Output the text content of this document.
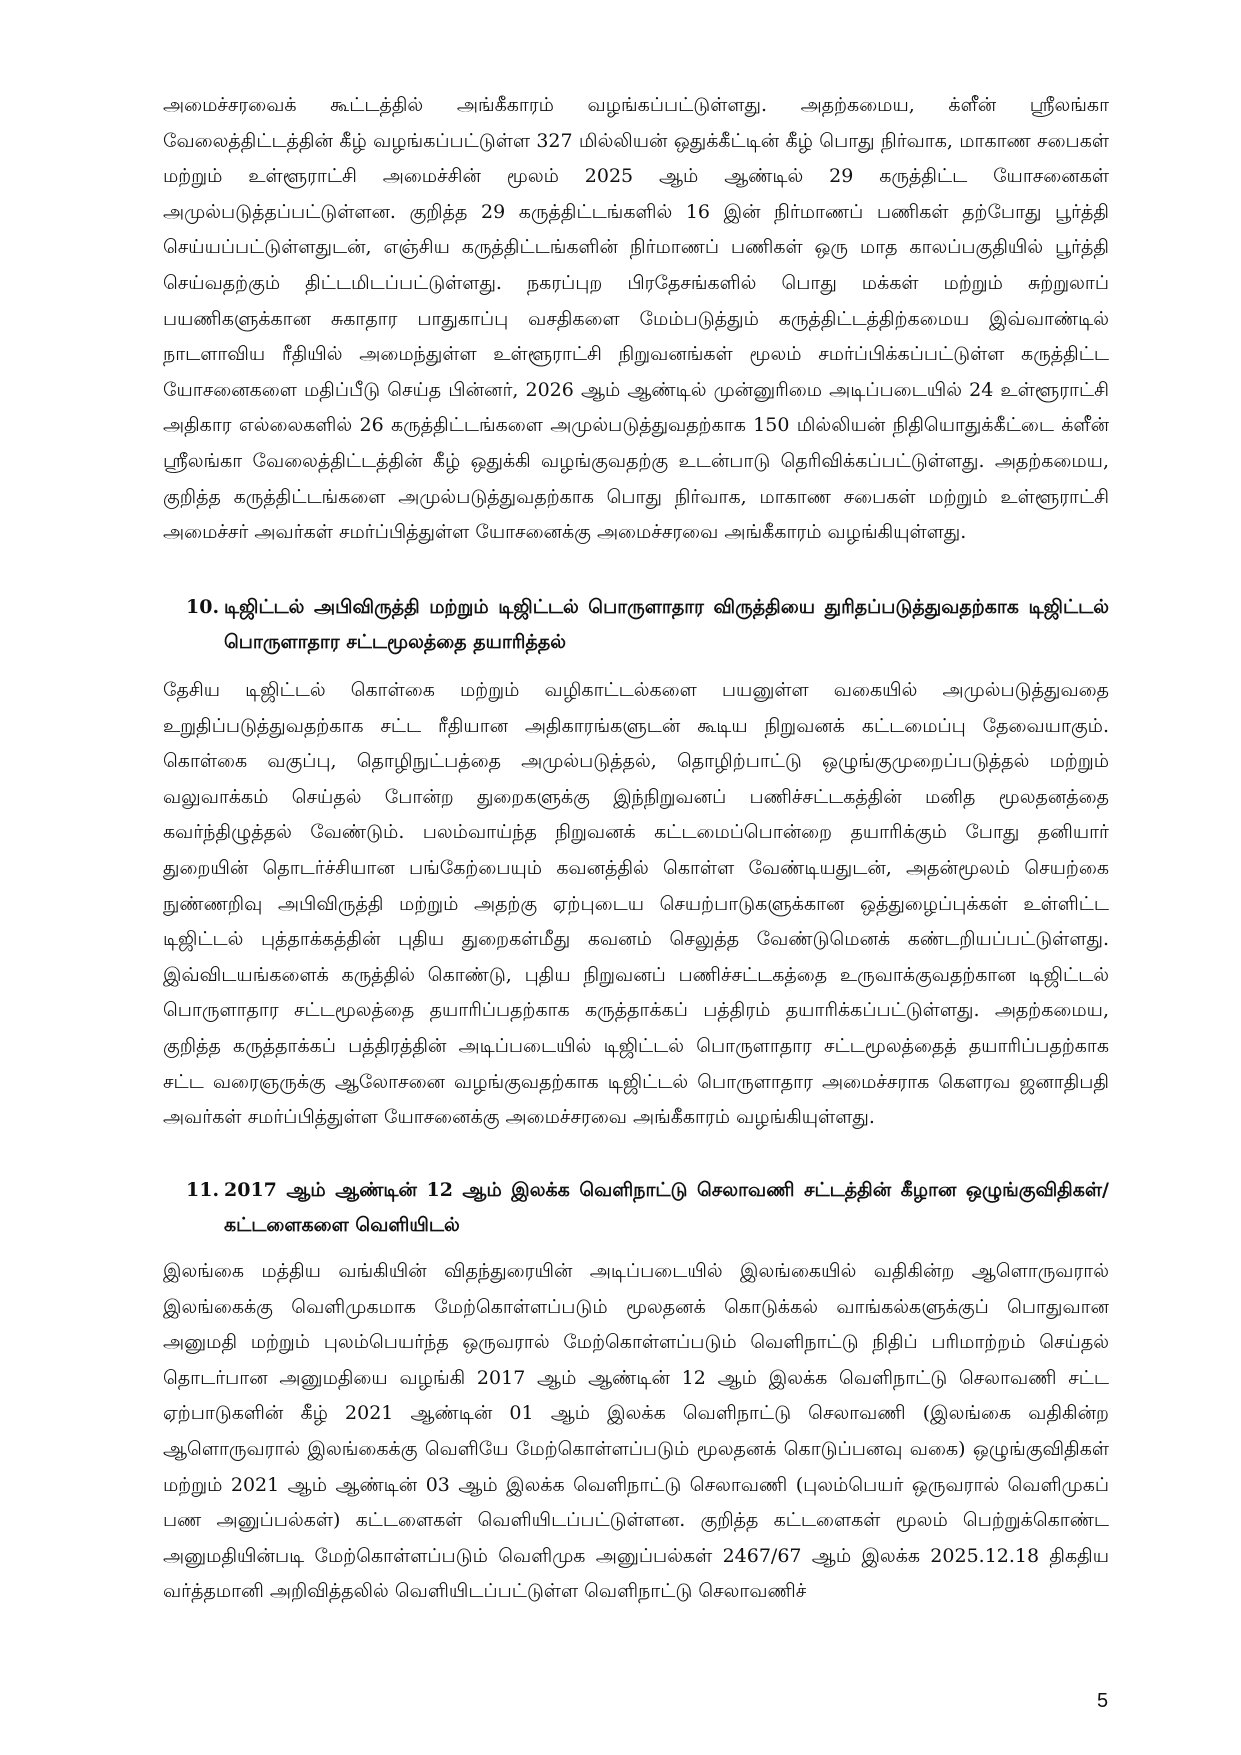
அமைச்சரவைக் கூட்டத்தில் அங்கீகாரம் வழங்கப்பட்டுள்ளது. அதற்கமைய, க்ளீன் ஸ்ரீலங்கா வேலைத்திட்டத்தின் கீழ் வழங்கப்பட்டுள்ள 327 மில்லியன் ஒதுக்கீட்டின் கீழ் பொது நிர்வாக, மாகாண சபைகள் மற்றும் உள்ளூராட்சி அமைச்சின் மூலம் 2025 ஆம் ஆண்டில் 29 கருத்திட்ட யோசனைகள் அமுல்படுத்தப்பட்டுள்ளன. குறித்த 29 கருத்திட்டங்களில் 16 இன் நிர்மாணப் பணிகள் தற்போது பூர்த்தி செய்யப்பட்டுள்ளதுடன், எஞ்சிய கருத்திட்டங்களின் நிர்மாணப் பணிகள் ஒரு மாத காலப்பகுதியில் பூர்த்தி செய்வதற்கும் திட்டமிடப்பட்டுள்ளது. நகரப்புற பிரதேசங்களில் பொது மக்கள் மற்றும் சுற்றுலாப் பயணிகளுக்கான சுகாதார பாதுகாப்பு வசதிகளை மேம்படுத்தும் கருத்திட்டத்திற்கமைய இவ்வாண்டில் நாடளாவிய ரீதியில் அமைந்துள்ள உள்ளூராட்சி நிறுவனங்கள் மூலம் சமர்ப்பிக்கப்பட்டுள்ள கருத்திட்ட யோசனைகளை மதிப்பீடு செய்த பின்னர், 2026 ஆம் ஆண்டில் முன்னுரிமை அடிப்படையில் 24 உள்ளூராட்சி அதிகார எல்லைகளில் 26 கருத்திட்டங்களை அமுல்படுத்துவதற்காக 150 மில்லியன் நிதியொதுக்கீட்டை க்ளீன் ஸ்ரீலங்கா வேலைத்திட்டத்தின் கீழ் ஒதுக்கி வழங்குவதற்கு உடன்பாடு தெரிவிக்கப்பட்டுள்ளது. அதற்கமைய, குறித்த கருத்திட்டங்களை அமுல்படுத்துவதற்காக பொது நிர்வாக, மாகாண சபைகள் மற்றும் உள்ளூராட்சி அமைச்சர் அவர்கள் சமர்ப்பித்துள்ள யோசனைக்கு அமைச்சரவை அங்கீகாரம் வழங்கியுள்ளது.

10. டிஜிட்டல் அபிவிருத்தி மற்றும் டிஜிட்டல் பொருளாதார விருத்தியை துரிதப்படுத்துவதற்காக டிஜிட்டல் பொருளாதார சட்டமூலத்தை தயாரித்தல்

தேசிய டிஜிட்டல் கொள்கை மற்றும் வழிகாட்டல்களை பயனுள்ள வகையில் அமுல்படுத்துவதை உறுதிப்படுத்துவதற்காக சட்ட ரீதியான அதிகாரங்களுடன் கூடிய நிறுவனக் கட்டமைப்பு தேவையாகும். கொள்கை வகுப்பு, தொழிநுட்பத்தை அமுல்படுத்தல், தொழிற்பாட்டு ஒழுங்குமுறைப்படுத்தல் மற்றும் வலுவாக்கம் செய்தல் போன்ற துறைகளுக்கு இந்நிறுவனப் பணிச்சட்டகத்தின் மனித மூலதனத்தை கவர்ந்திழுத்தல் வேண்டும். பலம்வாய்ந்த நிறுவனக் கட்டமைப்பொன்றை தயாரிக்கும் போது தனியார் துறையின் தொடர்ச்சியான பங்கேற்பையும் கவனத்தில் கொள்ள வேண்டியதுடன், அதன்மூலம் செயற்கை நுண்ணறிவு அபிவிருத்தி மற்றும் அதற்கு ஏற்புடைய செயற்பாடுகளுக்கான ஒத்துழைப்புக்கள் உள்ளிட்ட டிஜிட்டல் புத்தாக்கத்தின் புதிய துறைகள்மீது கவனம் செலுத்த வேண்டுமெனக் கண்டறியப்பட்டுள்ளது. இவ்விடயங்களைக் கருத்தில் கொண்டு, புதிய நிறுவனப் பணிச்சட்டகத்தை உருவாக்குவதற்கான டிஜிட்டல் பொருளாதார சட்டமூலத்தை தயாரிப்பதற்காக கருத்தாக்கப் பத்திரம் தயாரிக்கப்பட்டுள்ளது. அதற்கமைய, குறித்த கருத்தாக்கப் பத்திரத்தின் அடிப்படையில் டிஜிட்டல் பொருளாதார சட்டமூலத்தைத் தயாரிப்பதற்காக சட்ட வரைஞருக்கு ஆலோசனை வழங்குவதற்காக டிஜிட்டல் பொருளாதார அமைச்சராக கௌரவ ஜனாதிபதி அவர்கள் சமர்ப்பித்துள்ள யோசனைக்கு அமைச்சரவை அங்கீகாரம் வழங்கியுள்ளது.

11. 2017 ஆம் ஆண்டின் 12 ஆம் இலக்க வெளிநாட்டு செலாவணி சட்டத்தின் கீழான ஒழுங்குவிதிகள்/கட்டளைகளை வெளியிடல்

இலங்கை மத்திய வங்கியின் விதந்துரையின் அடிப்படையில் இலங்கையில் வதிகின்ற ஆளொருவரால் இலங்கைக்கு வெளிமுகமாக மேற்கொள்ளப்படும் மூலதனக் கொடுக்கல் வாங்கல்களுக்குப் பொதுவான அனுமதி மற்றும் புலம்பெயர்ந்த ஒருவரால் மேற்கொள்ளப்படும் வெளிநாட்டு நிதிப் பரிமாற்றம் செய்தல் தொடர்பான அனுமதியை வழங்கி 2017 ஆம் ஆண்டின் 12 ஆம் இலக்க வெளிநாட்டு செலாவணி சட்ட ஏற்பாடுகளின் கீழ் 2021 ஆண்டின் 01 ஆம் இலக்க வெளிநாட்டு செலாவணி (இலங்கை வதிகின்ற ஆளொருவரால் இலங்கைக்கு வெளியே மேற்கொள்ளப்படும் மூலதனக் கொடுப்பனவு வகை) ஒழுங்குவிதிகள் மற்றும் 2021 ஆம் ஆண்டின் 03 ஆம் இலக்க வெளிநாட்டு செலாவணி (புலம்பெயர் ஒருவரால் வெளிமுகப் பண அனுப்பல்கள்) கட்டளைகள் வெளியிடப்பட்டுள்ளன. குறித்த கட்டளைகள் மூலம் பெற்றுக்கொண்ட அனுமதியின்படி மேற்கொள்ளப்படும் வெளிமுக அனுப்பல்கள் 2467/67 ஆம் இலக்க 2025.12.18 திகதிய வர்த்தமானி அறிவித்தலில் வெளியிடப்பட்டுள்ள வெளிநாட்டு செலாவணிச்

5
